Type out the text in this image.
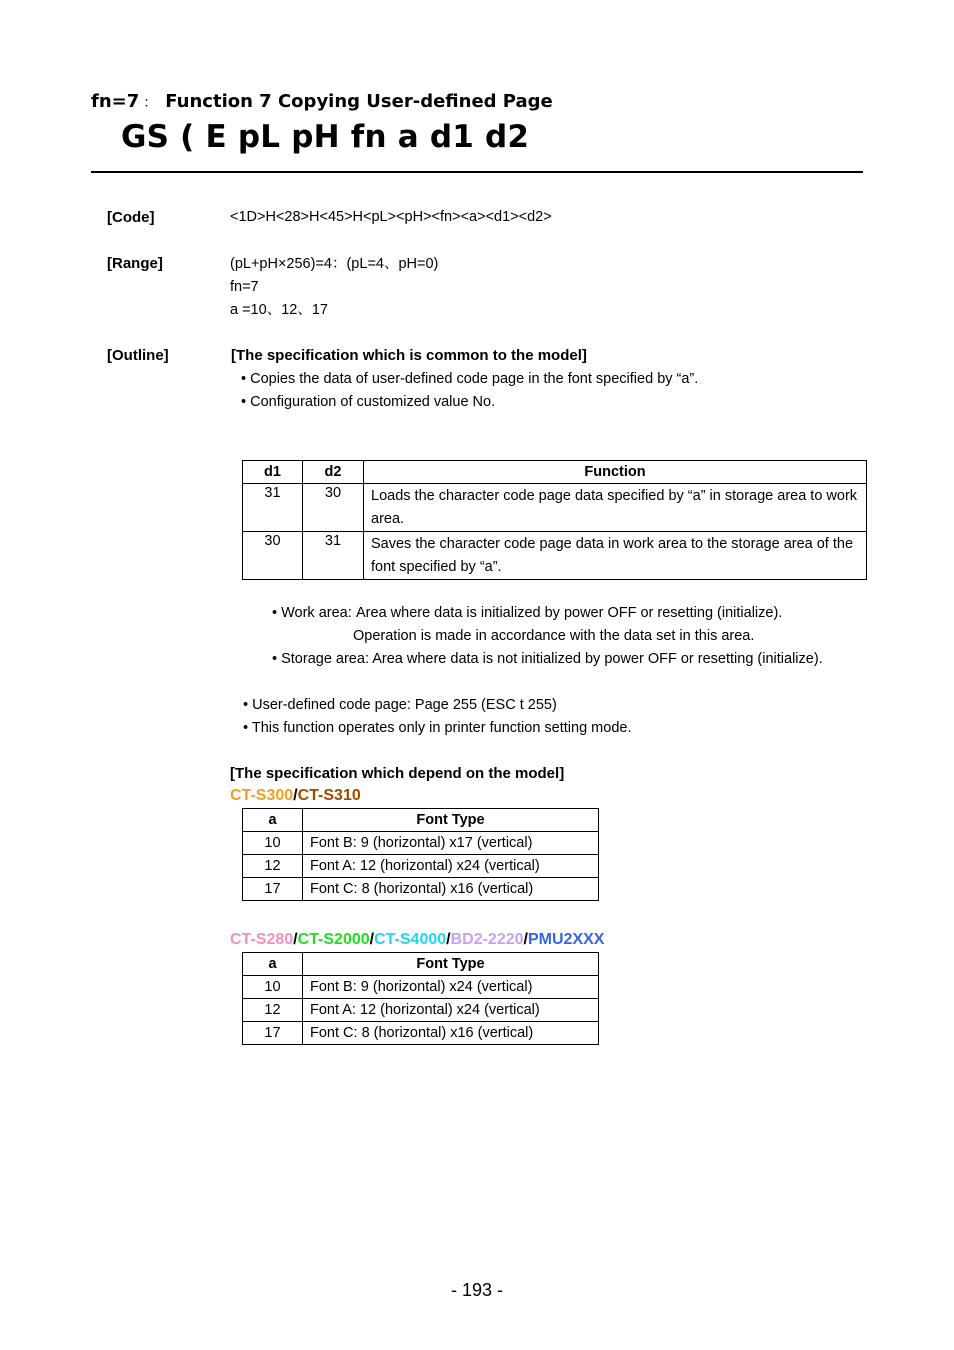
fn=7 ： Function 7 Copying User-defined Page
GS ( E pL pH fn a d1 d2
[Code]	<1D>H<28>H<45>H<pL><pH><fn><a><d1><d2>
[Range]	(pL+pH×256)=4：(pL=4、pH=0)
fn=7
a =10、12、17
[Outline]	[The specification which is common to the model]
• Copies the data of user-defined code page in the font specified by “a”.
• Configuration of customized value No.
d1	d2	Function
31	30	Loads the character code page data specified by “a” in storage area to work area.
30	31	Saves the character code page data in work area to the storage area of the font specified by “a”.
• Work area: Area where data is initialized by power OFF or resetting (initialize).
Operation is made in accordance with the data set in this area.
• Storage area: Area where data is not initialized by power OFF or resetting (initialize).
• User-defined code page: Page 255 (ESC t 255)
• This function operates only in printer function setting mode.
[The specification which depend on the model]
CT-S300/CT-S310
a	Font Type
10	Font B: 9 (horizontal) x17 (vertical)
12	Font A: 12 (horizontal) x24 (vertical)
17	Font C: 8 (horizontal) x16 (vertical)
CT-S280/CT-S2000/CT-S4000/BD2-2220/PMU2XXX
a	Font Type
10	Font B: 9 (horizontal) x24 (vertical)
12	Font A: 12 (horizontal) x24 (vertical)
17	Font C: 8 (horizontal) x16 (vertical)
- 193 -
